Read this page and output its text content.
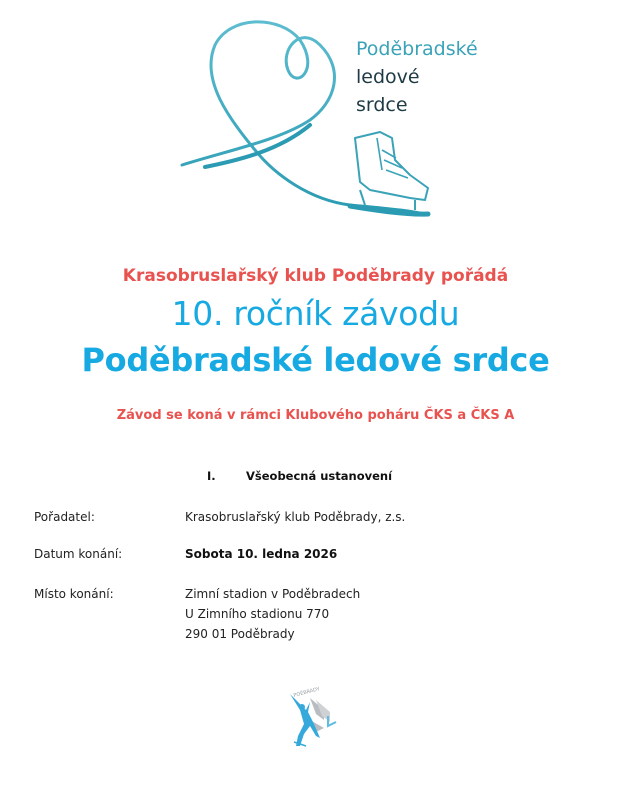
Poděbradské
ledové
srdce
Krasobruslařský klub Poděbrady pořádá
10. ročník závodu
Poděbradské ledové srdce
Závod se koná v rámci Klubového poháru ČKS a ČKS A
I.	Všeobecná ustanovení
Pořadatel:	Krasobruslařský klub Poděbrady, z.s.
Datum konání:	Sobota 10. ledna 2026
Místo konání:	Zimní stadion v Poděbradech
U Zimního stadionu 770
290 01 Poděbrady
POĚBRADY
